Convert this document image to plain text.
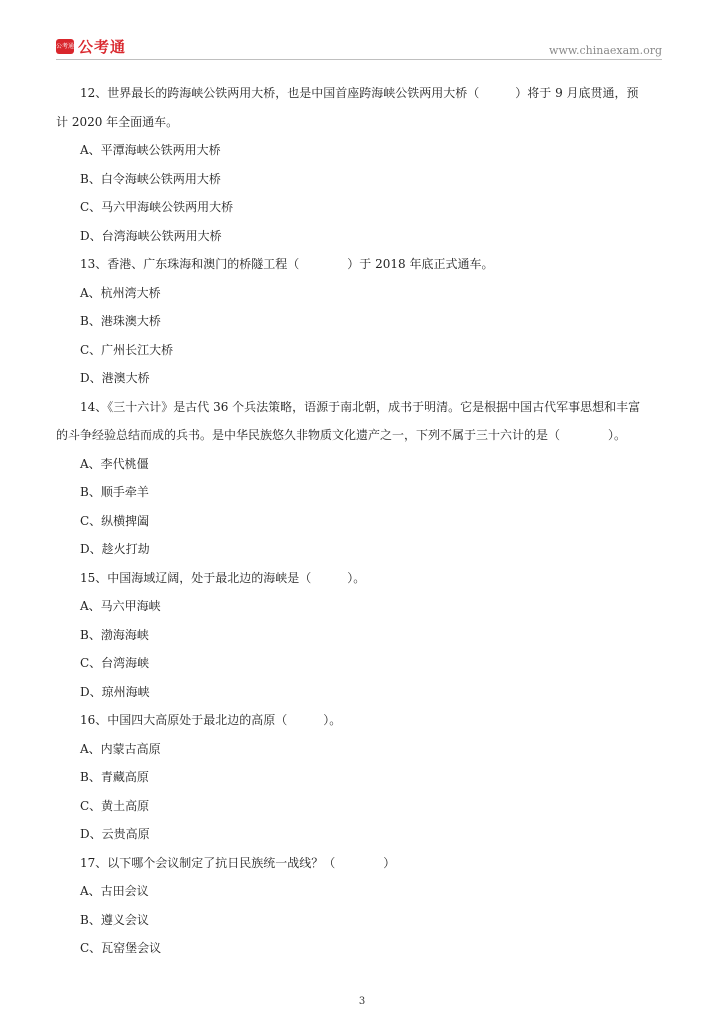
公考通 公考通	www.chinaexam.org

12、世界最长的跨海峡公铁两用大桥，也是中国首座跨海峡公铁两用大桥（　　　）将于 9 月底贯通，预

计 2020 年全面通车。

A、平潭海峡公铁两用大桥

B、白令海峡公铁两用大桥

C、马六甲海峡公铁两用大桥

D、台湾海峡公铁两用大桥

13、香港、广东珠海和澳门的桥隧工程（　　　　）于 2018 年底正式通车。

A、杭州湾大桥

B、港珠澳大桥

C、广州长江大桥

D、港澳大桥

14、《三十六计》是古代 36 个兵法策略，语源于南北朝，成书于明清。它是根据中国古代军事思想和丰富

的斗争经验总结而成的兵书。是中华民族悠久非物质文化遗产之一，下列不属于三十六计的是（　　　　）。

A、李代桃僵

B、顺手牵羊

C、纵横捭阖

D、趁火打劫

15、中国海域辽阔，处于最北边的海峡是（　　　）。

A、马六甲海峡

B、渤海海峡

C、台湾海峡

D、琼州海峡

16、中国四大高原处于最北边的高原（　　　）。

A、内蒙古高原

B、青藏高原

C、黄土高原

D、云贵高原

17、以下哪个会议制定了抗日民族统一战线？（　　　　）

A、古田会议

B、遵义会议

C、瓦窑堡会议

3
